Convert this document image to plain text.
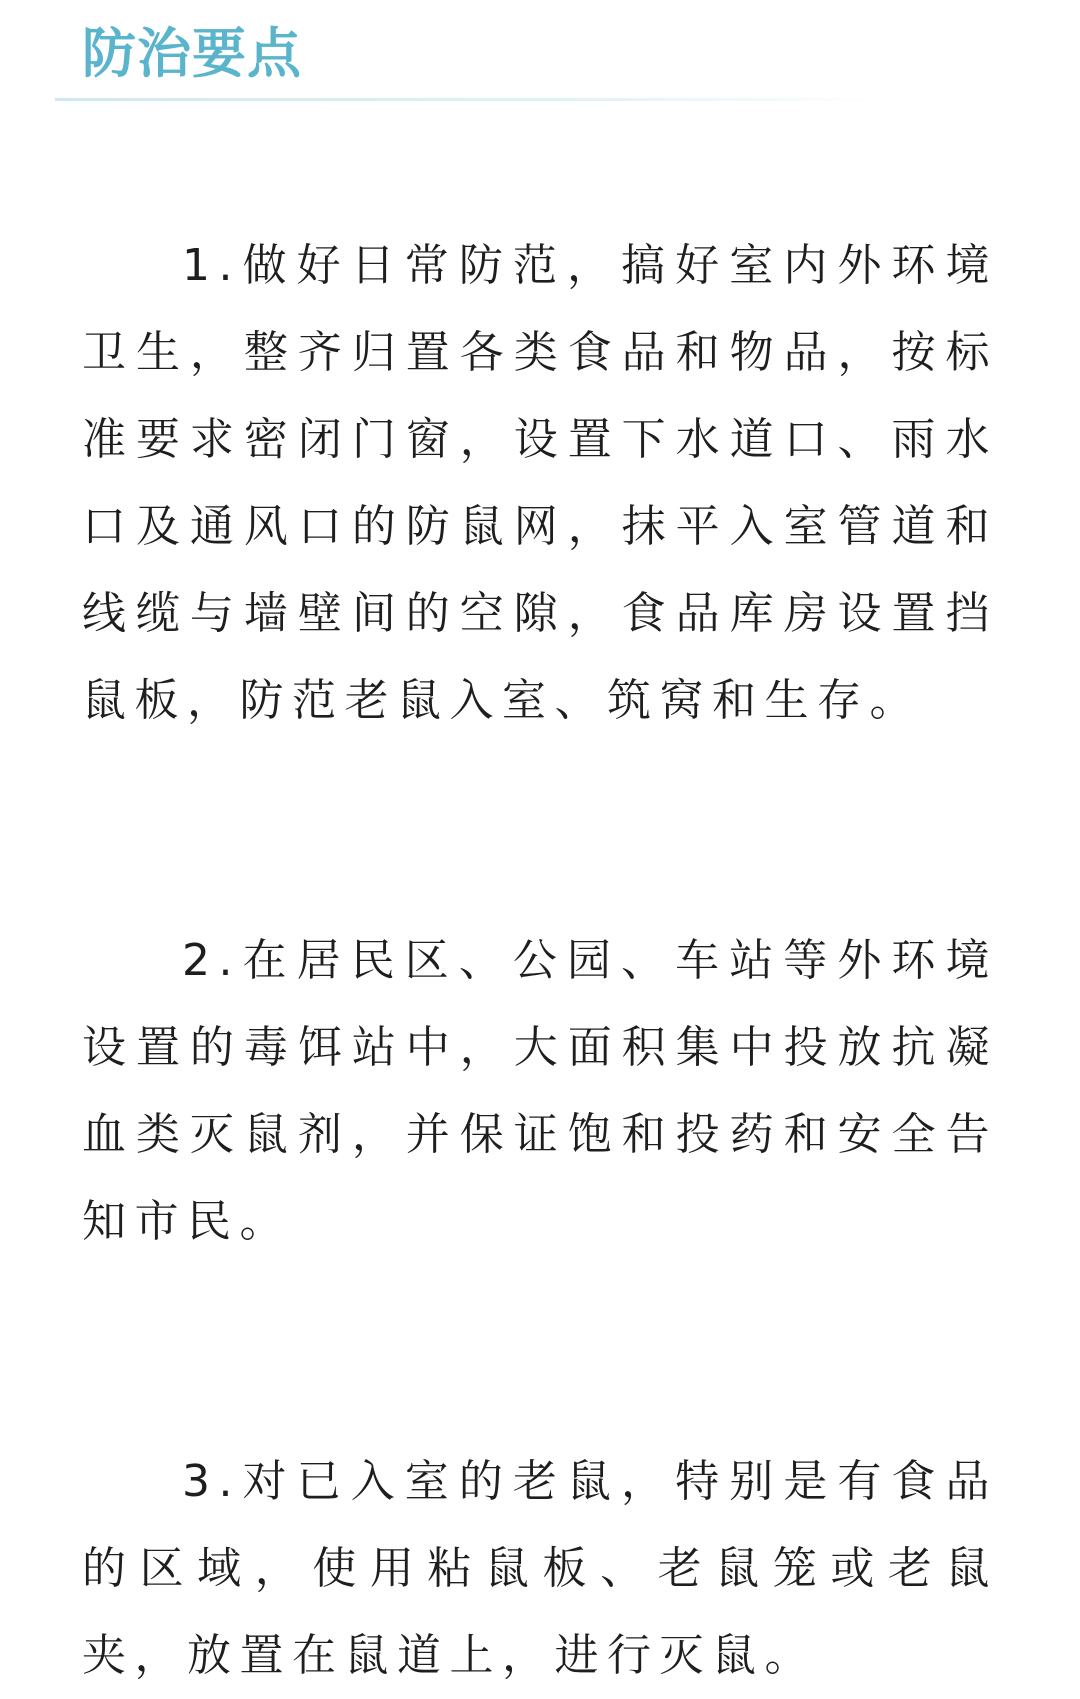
防治要点

1.做好日常防范，搞好室内外环境卫生，整齐归置各类食品和物品，按标准要求密闭门窗，设置下水道口、雨水口及通风口的防鼠网，抹平入室管道和线缆与墙壁间的空隙，食品库房设置挡鼠板，防范老鼠入室、筑窝和生存。

2.在居民区、公园、车站等外环境设置的毒饵站中，大面积集中投放抗凝血类灭鼠剂，并保证饱和投药和安全告知市民。

3.对已入室的老鼠，特别是有食品的区域，使用粘鼠板、老鼠笼或老鼠夹，放置在鼠道上，进行灭鼠。
